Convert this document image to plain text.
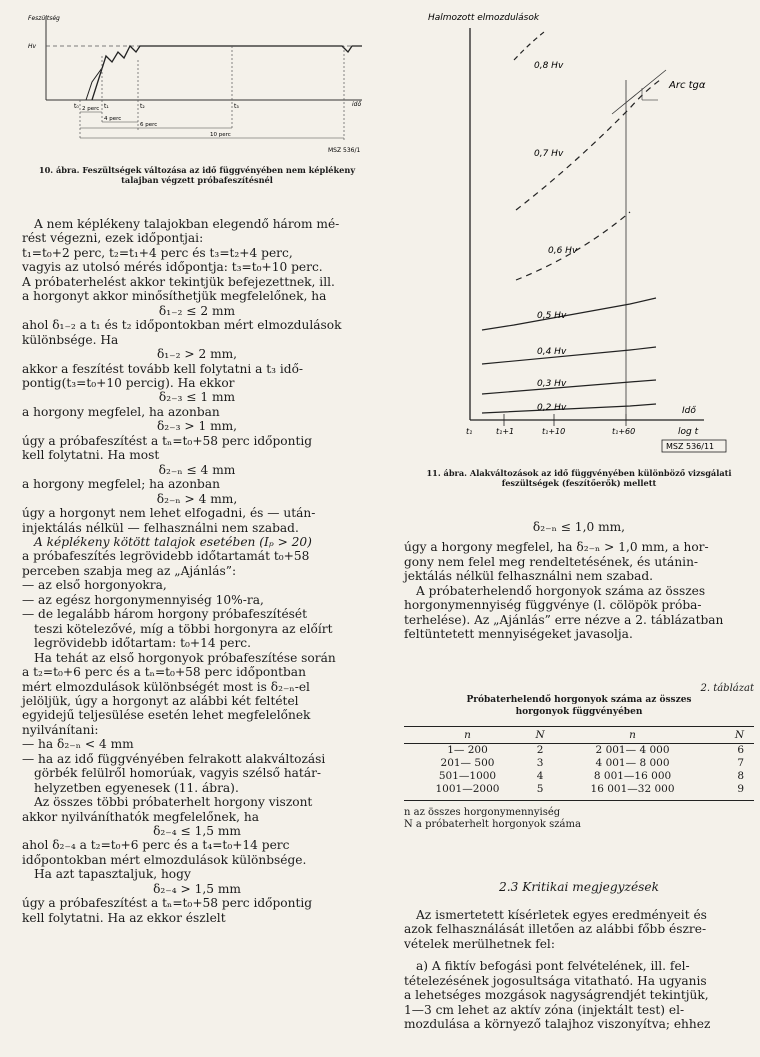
Feszültség
Hv
idő
t₀	t₁	t₂	t₃
2 perc
4 perc
6 perc
10 perc
MSZ 536/1
10. ábra. Feszültségek változása az idő függvényében nem képlékeny talajban végzett próbafeszítésnél

A nem képlékeny talajokban elegendő három mé-

rést végezni, ezek időpontjai:

t₁=t₀+2 perc, t₂=t₁+4 perc és t₃=t₂+4 perc,

vagyis az utolsó mérés időpontja: t₃=t₀+10 perc.

A próbaterhelést akkor tekintjük befejezettnek, ill.

a horgonyt akkor minősíthetjük megfelelőnek, ha

δ₁₋₂ ≤ 2 mm

ahol δ₁₋₂ a t₁ és t₂ időpontokban mért elmozdulások

különbsége. Ha

δ₁₋₂ > 2 mm,

akkor a feszítést tovább kell folytatni a t₃ idő-

pontig(t₃=t₀+10 percig). Ha ekkor

δ₂₋₃ ≤ 1 mm

a horgony megfelel, ha azonban

δ₂₋₃ > 1 mm,

úgy a próbafeszítést a tₙ=t₀+58 perc időpontig

kell folytatni. Ha most

δ₂₋ₙ ≤ 4 mm

a horgony megfelel; ha azonban

δ₂₋ₙ > 4 mm,

úgy a horgonyt nem lehet elfogadni, és — után-

injektálás nélkül — felhasználni nem szabad.

A képlékeny kötött talajok esetében (Iₚ > 20)

a próbafeszítés legrövidebb időtartamát t₀+58

perceben szabja meg az „Ajánlás”:

— az első horgonyokra,

— az egész horgonymennyiség 10%-ra,

— de legalább három horgony próbafeszítését

teszi kötelezővé, míg a többi horgonyra az előírt

legrövidebb időtartam: t₀+14 perc.

Ha tehát az első horgonyok próbafeszítése során

a t₂=t₀+6 perc és a tₙ=t₀+58 perc időpontban

mért elmozdulások különbségét most is δ₂₋ₙ-el

jelöljük, úgy a horgonyt az alábbi két feltétel

egyidejű teljesülése esetén lehet megfelelőnek

nyilvánítani:

— ha δ₂₋ₙ < 4 mm

— ha az idő függvényében felrakott alakváltozási

görbék felülről homorúak, vagyis szélső határ-

helyzetben egyenesek (11. ábra).

Az összes többi próbaterhelt horgony viszont

akkor nyilváníthatók megfelelőnek, ha

δ₂₋₄ ≤ 1,5 mm

ahol δ₂₋₄ a t₂=t₀+6 perc és a t₄=t₀+14 perc

időpontokban mért elmozdulások különbsége.

Ha azt tapasztaljuk, hogy

δ₂₋₄ > 1,5 mm

úgy a próbafeszítést a tₙ=t₀+58 perc időpontig

kell folytatni. Ha az ekkor észlelt

Halmozott elmozdulások
Arc tgα
0,8 Hv
0,7 Hv
0,6 Hv
0,5 Hv
0,4 Hv
0,3 Hv
0,2 Hv	Idő
log t
t₁	t₁+1	t₁+10	t₁+60
MSZ 536/11
11. ábra. Alakváltozások az idő függvényében különböző vizsgálati feszültségek (feszítőerők) mellett

δ₂₋ₙ ≤ 1,0 mm,

úgy a horgony megfelel, ha δ₂₋ₙ > 1,0 mm, a hor-

gony nem felel meg rendeltetésének, és utánin-

jektálás nélkül felhasználni nem szabad.

A próbaterhelendő horgonyok száma az összes

horgonymennyiség függvénye (l. cölöpök próba-

terhelése). Az „Ajánlás” erre nézve a 2. táblázatban

feltüntetett mennyiségeket javasolja.

2. táblázat
Próbaterhelendő horgonyok száma az összes
horgonyok függvényében
n	N	n	N
1— 200	2	2 001— 4 000	6
201— 500	3	4 001— 8 000	7
501—1000	4	8 001—16 000	8
1001—2000	5	16 001—32 000	9
n az összes horgonymennyiség
N a próbaterhelt horgonyok száma
2.3 Kritikai megjegyzések

Az ismertetett kísérletek egyes eredményeit és

azok felhasználását illetően az alábbi főbb észre-

vételek merülhetnek fel:

a) A fiktív befogási pont felvételének, ill. fel-

tételezésének jogosultsága vitatható. Ha ugyanis

a lehetséges mozgások nagyságrendjét tekintjük,

1—3 cm lehet az aktív zóna (injektált test) el-

mozdulása a környező talajhoz viszonyítva; ehhez
